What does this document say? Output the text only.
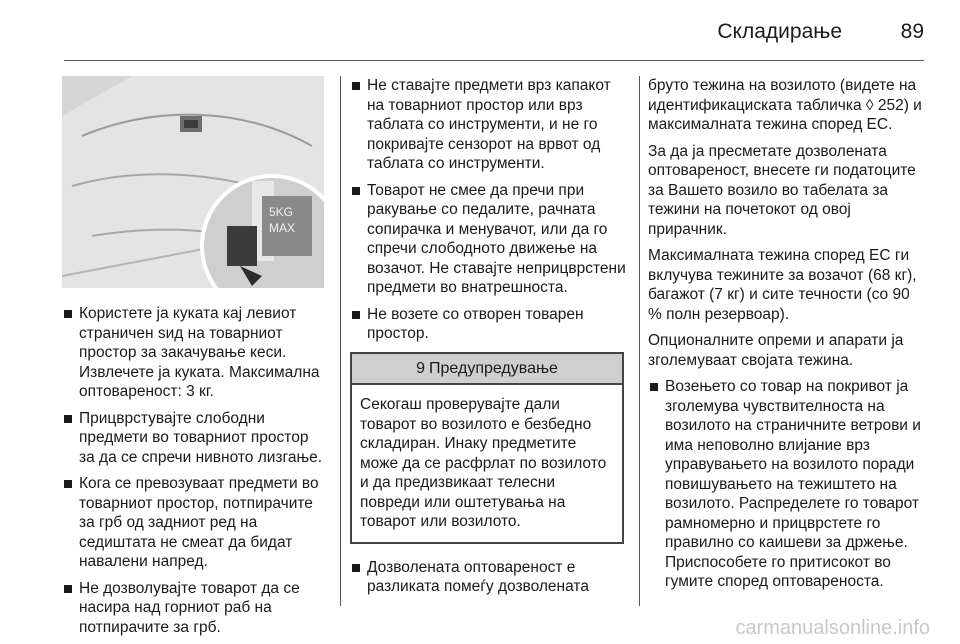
Складирање	89
5KG
MAX
Користете ја куката кај левиот страничен sид на товарниот простор за закачување кеси. Извлечете ја куката. Максимална оптовареност: 3 кг.
Прицврстувајте слободни предмети во товарниот простор за да се спречи нивното лизгање.
Кога се превозуваат предмети во товарниот простор, потпирачите за грб од задниот ред на седиштата не смеат да бидат навалени напред.
Не дозволувајте товарот да се насира над горниот раб на потпирачите за грб.
Не ставајте предмети врз капакот на товарниот простор или врз таблата со инструменти, и не го покривајте сензорот на врвот од таблата со инструменти.
Товарот не смее да пречи при ракување со педалите, рачната сопирачка и менувачот, или да го спречи слободното движење на возачот. Не ставајте неприцврстени предмети во внатрешноста.
Не возете со отворен товарен простор.
9 Предупредување
Секогаш проверувајте дали товарот во возилото е безбедно складиран. Инаку предметите може да се расфрлат по возилото и да предизвикаат телесни повреди или оштетувања на товарот или возилото.
Дозволената оптовареност е разликата помеѓу дозволената

бруто тежина на возилото (видете на идентификациската табличка ◊ 252) и максималната тежина според ЕС.

За да ја пресметате дозволената оптовареност, внесете ги податоците за Вашето возило во табелата за тежини на почетокот од овој прирачник.

Максималната тежина според ЕС ги вклучува тежините за возачот (68 кг), багажот (7 кг) и сите течности (со 90 % полн резервоар).

Опционалните опреми и апарати ја зголемуваат својата тежина.

Возењето со товар на покривот ја зголемува чувствителноста на возилото на страничните ветрови и има неповолно влијание врз управувањето на возилото поради повишувањето на тежиштето на возилото. Распределете го товарот рамномерно и прицврстете го правилно со каишеви за држење. Приспособете го притисокот во гумите според оптовареноста.
carmanualsonline.info
